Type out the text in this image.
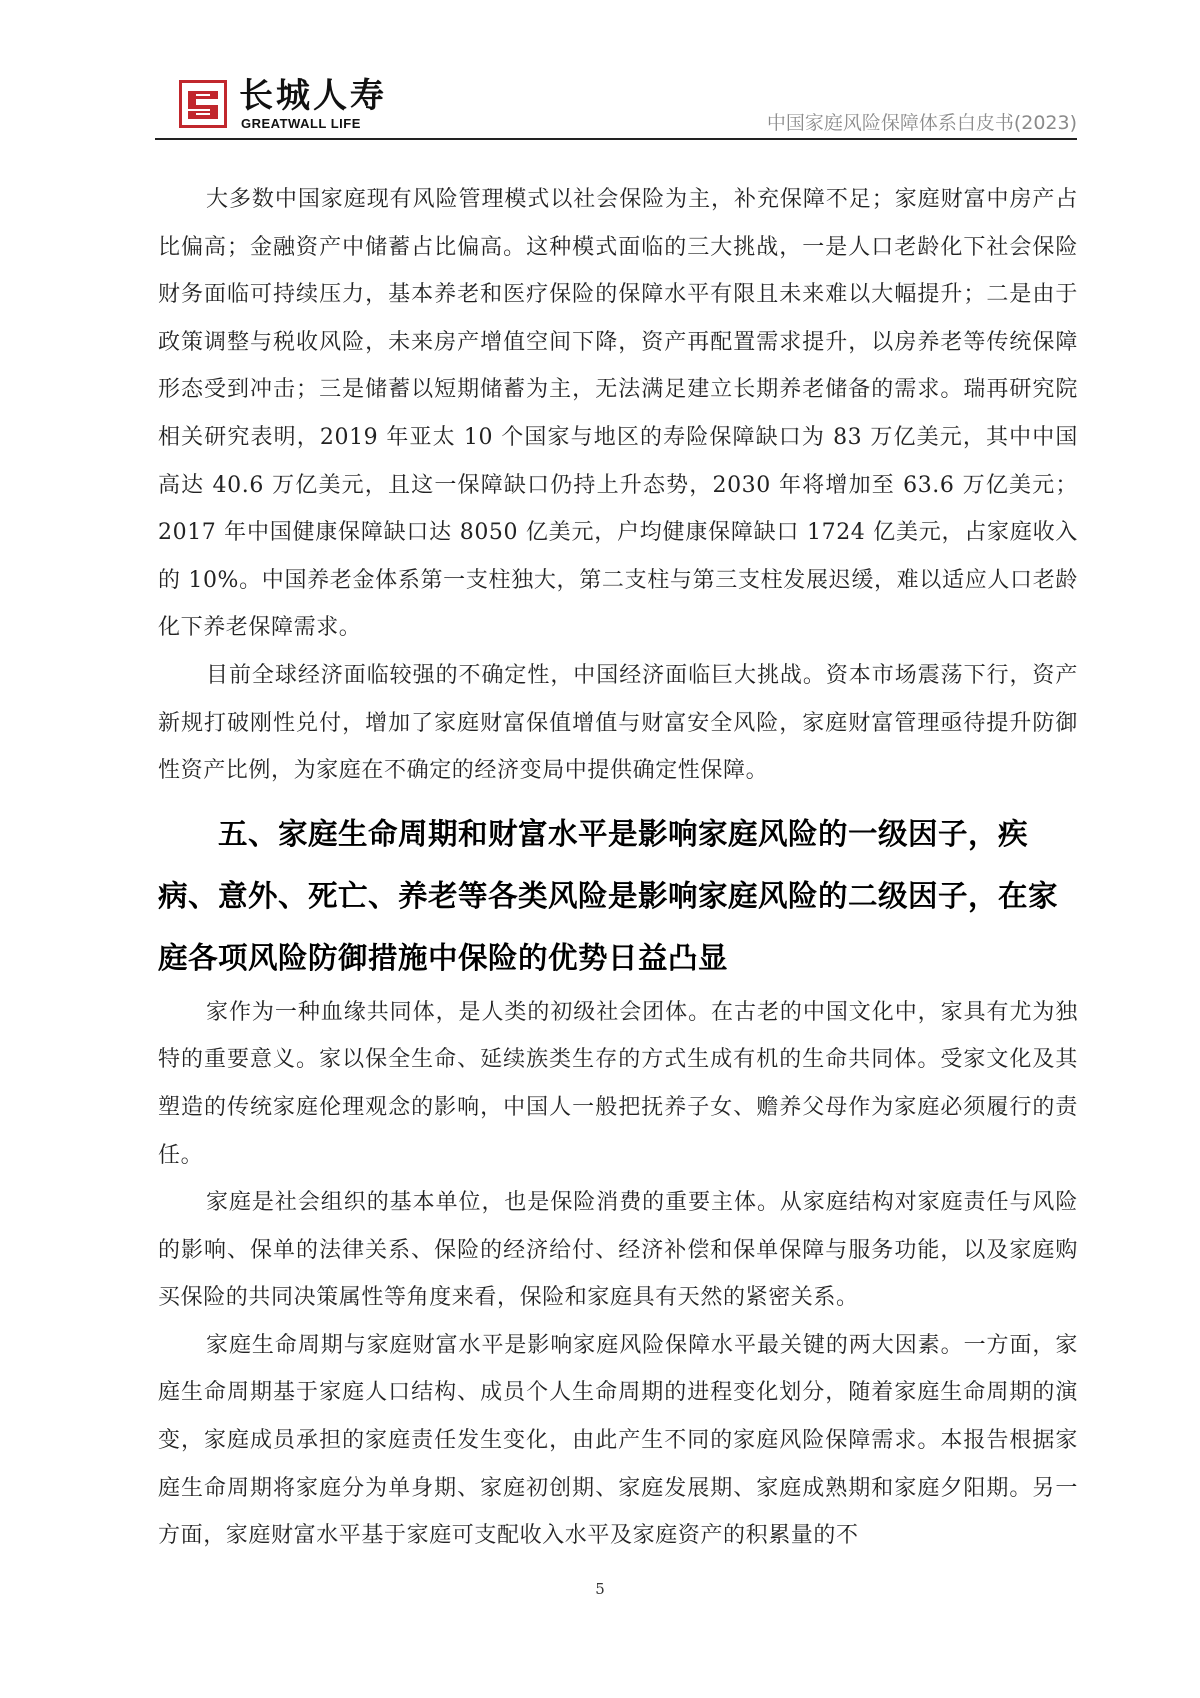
长城人寿
GREATWALL LIFE	中国家庭风险保障体系白皮书(2023)

大多数中国家庭现有风险管理模式以社会保险为主，补充保障不足；家庭财富中房产占比偏高；金融资产中储蓄占比偏高。这种模式面临的三大挑战，一是人口老龄化下社会保险财务面临可持续压力，基本养老和医疗保险的保障水平有限且未来难以大幅提升；二是由于政策调整与税收风险，未来房产增值空间下降，资产再配置需求提升，以房养老等传统保障形态受到冲击；三是储蓄以短期储蓄为主，无法满足建立长期养老储备的需求。瑞再研究院相关研究表明，2019 年亚太 10 个国家与地区的寿险保障缺口为 83 万亿美元，其中中国高达 40.6 万亿美元，且这一保障缺口仍持上升态势，2030 年将增加至 63.6 万亿美元；2017 年中国健康保障缺口达 8050 亿美元，户均健康保障缺口 1724 亿美元，占家庭收入的 10%。中国养老金体系第一支柱独大，第二支柱与第三支柱发展迟缓，难以适应人口老龄化下养老保障需求。

目前全球经济面临较强的不确定性，中国经济面临巨大挑战。资本市场震荡下行，资产新规打破刚性兑付，增加了家庭财富保值增值与财富安全风险，家庭财富管理亟待提升防御性资产比例，为家庭在不确定的经济变局中提供确定性保障。

五、家庭生命周期和财富水平是影响家庭风险的一级因子，疾病、意外、死亡、养老等各类风险是影响家庭风险的二级因子，在家庭各项风险防御措施中保险的优势日益凸显

家作为一种血缘共同体，是人类的初级社会团体。在古老的中国文化中，家具有尤为独特的重要意义。家以保全生命、延续族类生存的方式生成有机的生命共同体。受家文化及其塑造的传统家庭伦理观念的影响，中国人一般把抚养子女、赡养父母作为家庭必须履行的责任。

家庭是社会组织的基本单位，也是保险消费的重要主体。从家庭结构对家庭责任与风险的影响、保单的法律关系、保险的经济给付、经济补偿和保单保障与服务功能，以及家庭购买保险的共同决策属性等角度来看，保险和家庭具有天然的紧密关系。

家庭生命周期与家庭财富水平是影响家庭风险保障水平最关键的两大因素。一方面，家庭生命周期基于家庭人口结构、成员个人生命周期的进程变化划分，随着家庭生命周期的演变，家庭成员承担的家庭责任发生变化，由此产生不同的家庭风险保障需求。本报告根据家庭生命周期将家庭分为单身期、家庭初创期、家庭发展期、家庭成熟期和家庭夕阳期。另一方面，家庭财富水平基于家庭可支配收入水平及家庭资产的积累量的不

5
